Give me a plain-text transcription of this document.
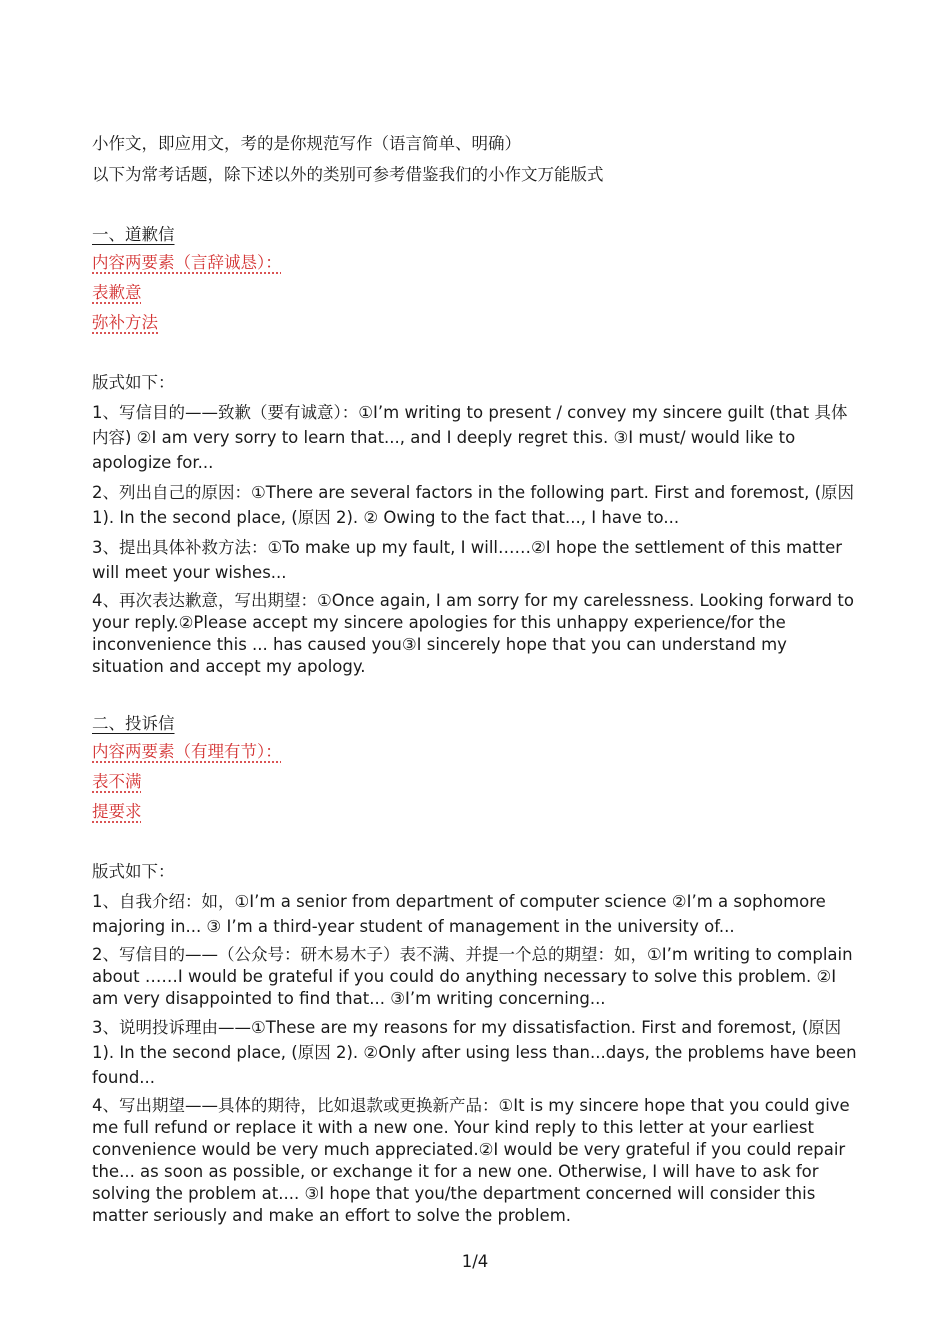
小作文，即应用文，考的是你规范写作（语言简单、明确）

以下为常考话题，除下述以外的类别可参考借鉴我们的小作文万能版式

一、道歉信

内容两要素（言辞诚恳）：

表歉意

弥补方法

版式如下：

1、写信目的——致歉（要有诚意）：①I’m writing to present / convey my sincere guilt (that 具体内容) ②I am very sorry to learn that..., and I deeply regret this. ③I must/ would like to apologize for...

2、列出自己的原因：①There are several factors in the following part. First and foremost, (原因 1). In the second place, (原因 2). ② Owing to the fact that..., I have to...

3、提出具体补救方法：①To make up my fault, I will……②I hope the settlement of this matter will meet your wishes...

4、再次表达歉意，写出期望：①Once again, I am sorry for my carelessness. Looking forward to your reply.②Please accept my sincere apologies for this unhappy experience/for the inconvenience this ... has caused you③I sincerely hope that you can understand my situation and accept my apology.

二、投诉信

内容两要素（有理有节）：

表不满

提要求

版式如下：

1、自我介绍：如，①I’m a senior from department of computer science ②I’m a sophomore majoring in... ③ I’m a third-year student of management in the university of...

2、写信目的——（公众号：研木易木子）表不满、并提一个总的期望：如，①I’m writing to complain about ……I would be grateful if you could do anything necessary to solve this problem. ②I am very disappointed to find that... ③I’m writing concerning...

3、说明投诉理由——①These are my reasons for my dissatisfaction. First and foremost, (原因 1). In the second place, (原因 2). ②Only after using less than...days, the problems have been found...

4、写出期望——具体的期待，比如退款或更换新产品：①It is my sincere hope that you could give me full refund or replace it with a new one. Your kind reply to this letter at your earliest convenience would be very much appreciated.②I would be very grateful if you could repair the... as soon as possible, or exchange it for a new one. Otherwise, I will have to ask for solving the problem at.... ③I hope that you/the department concerned will consider this matter seriously and make an effort to solve the problem.

1/4
